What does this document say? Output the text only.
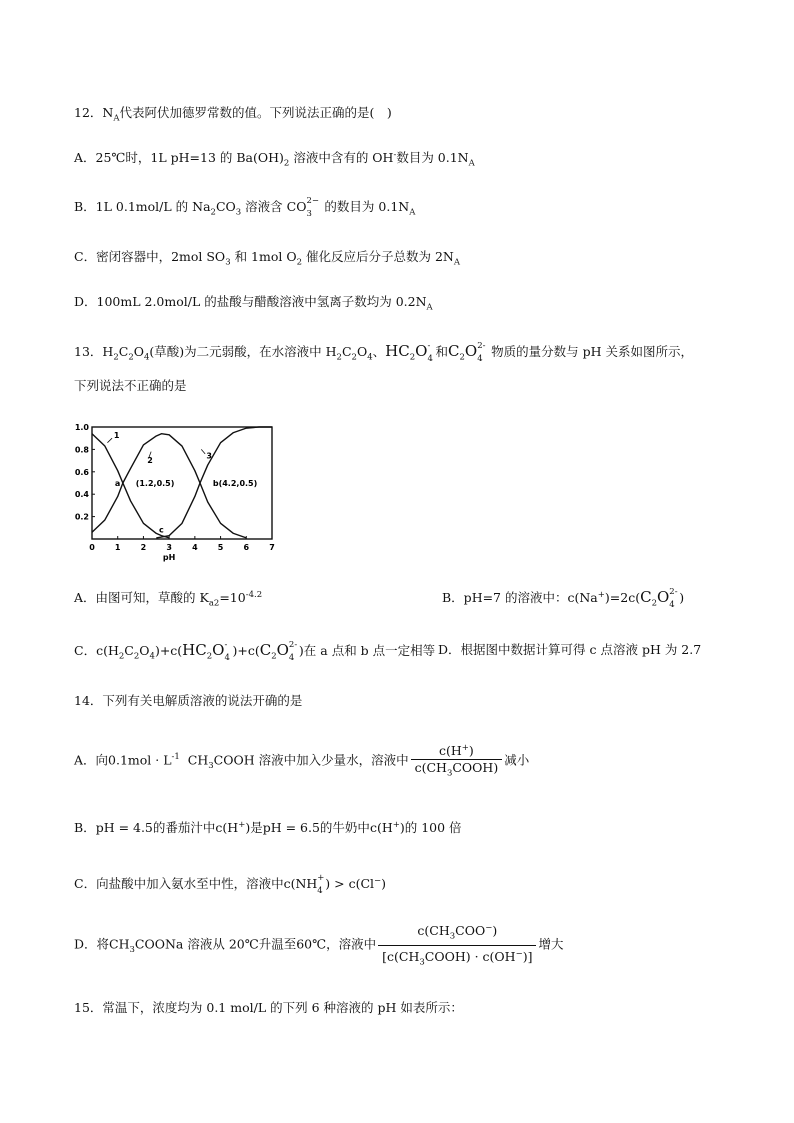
12．$N_A$代表阿伏加德罗常数的值。下列说法正确的是(　)
A．25℃时，1L pH=13 的 $Ba(OH)_2$ 溶液中含有的 OH-数目为 $0.1N_A$
B．1L 0.1mol/L 的 $Na_2CO_3$ 溶液含 CO 2−
3 的数目为 $0.1N_A$
C．密闭容器中，2mol $SO_3$ 和 1mol $O_2$ 催化反应后分子总数为 $2N_A$
D．100mL 2.0mol/L 的盐酸与醋酸溶液中氢离子数均为 $0.2N_A$
13．$H_2C_2O_4$(草酸)为二元弱酸，在水溶液中 $H_2C_2O_4$、$HC_2O$ -
4 和$C_2O$ 2-
4 物质的量分数与 pH 关系如图所示，
下列说法不正确的是
0	1	2	3	4	5	6	7
0.2
0.4
0.6
0.8
1.0
pH
1
2	3
a (1.2,0.5)	b(4.2,0.5)
c
A．由图可知，草酸的 $K_{a2}=10^{-4.2}$	B．pH=7 的溶液中：$c(Na^+)=2c(C_2O$ 2-
4 )
C．$c(H_2C_2O_4)+c(HC_2O$ -
4 )$+c(C_2O$ 2-
4 )在 a 点和 b 点一定相等 D．根据图中数据计算可得 c 点溶液 pH 为 2.7
14．下列有关电解质溶液的说法开确的是
A．向$0.1mol \cdot L^{-1}$ $CH_3COOH$ 溶液中加入少量水，溶液中 $\frac{c(H^+)}{c(CH_3COOH)}$ 减小
B．pH = 4.5的番茄汁中c(H+)是pH = 6.5的牛奶中c(H+)的 100 倍
C．向盐酸中加入氨水至中性，溶液中c(NH +
4 ) > c(Cl−)
D．将$CH_3COONa$ 溶液从 20℃升温至60℃，溶液中 $\frac{c(CH_3COO^-)}{[c(CH_3COOH) \cdot c(OH^-)]}$ 增大
15．常温下，浓度均为 0.1 mol/L 的下列 6 种溶液的 pH 如表所示：
